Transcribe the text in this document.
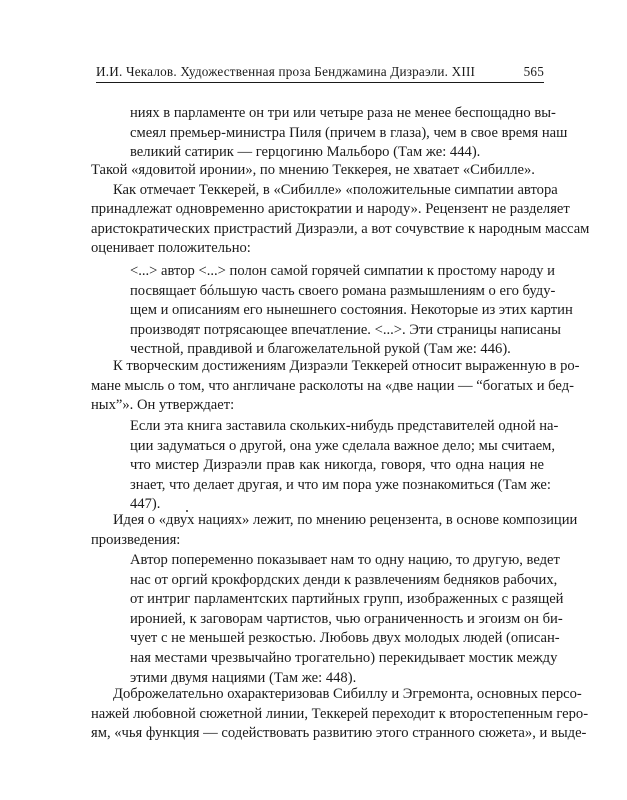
И.И. Чекалов. Художественная проза Бенджамина Дизраэли. XIII	565
ниях в парламенте он три или четыре раза не менее беспощадно вы-
смеял премьер-министра Пиля (причем в глаза), чем в свое время наш
великий сатирик — герцогиню Мальборо (Там же: 444).
Такой «ядовитой иронии», по мнению Теккерея, не хватает «Сибилле».
Как отмечает Теккерей, в «Сибилле» «положительные симпатии автора
принадлежат одновременно аристократии и народу». Рецензент не разделяет
аристократических пристрастий Дизраэли, а вот сочувствие к народным массам
оценивает положительно:
<...> автор <...> полон самой горячей симпатии к простому народу и
посвящает бóльшую часть своего романа размышлениям о его буду-
щем и описаниям его нынешнего состояния. Некоторые из этих картин
производят потрясающее впечатление. <...>. Эти страницы написаны
честной, правдивой и благожелательной рукой (Там же: 446).
К творческим достижениям Дизраэли Теккерей относит выраженную в ро-
мане мысль о том, что англичане расколоты на «две нации — “богатых и бед-
ных”». Он утверждает:
Если эта книга заставила скольких-нибудь представителей одной на-
ции задуматься о другой, она уже сделала важное дело; мы считаем,
что мистер Дизраэли прав как никогда, говоря, что одна нация не
знает, что делает другая, и что им пора уже познакомиться (Там же:
447).
Идея о «двух нациях» лежит, по мнению рецензента, в основе композиции
произведения:
Автор попеременно показывает нам то одну нацию, то другую, ведет
нас от оргий крокфордских денди к развлечениям бедняков рабочих,
от интриг парламентских партийных групп, изображенных с разящей
иронией, к заговорам чартистов, чью ограниченность и эгоизм он би-
чует с не меньшей резкостью. Любовь двух молодых людей (описан-
ная местами чрезвычайно трогательно) перекидывает мостик между
этими двумя нациями (Там же: 448).
Доброжелательно охарактеризовав Сибиллу и Эгремонта, основных персо-
нажей любовной сюжетной линии, Теккерей переходит к второстепенным геро-
ям, «чья функция — содействовать развитию этого странного сюжета», и выде-
